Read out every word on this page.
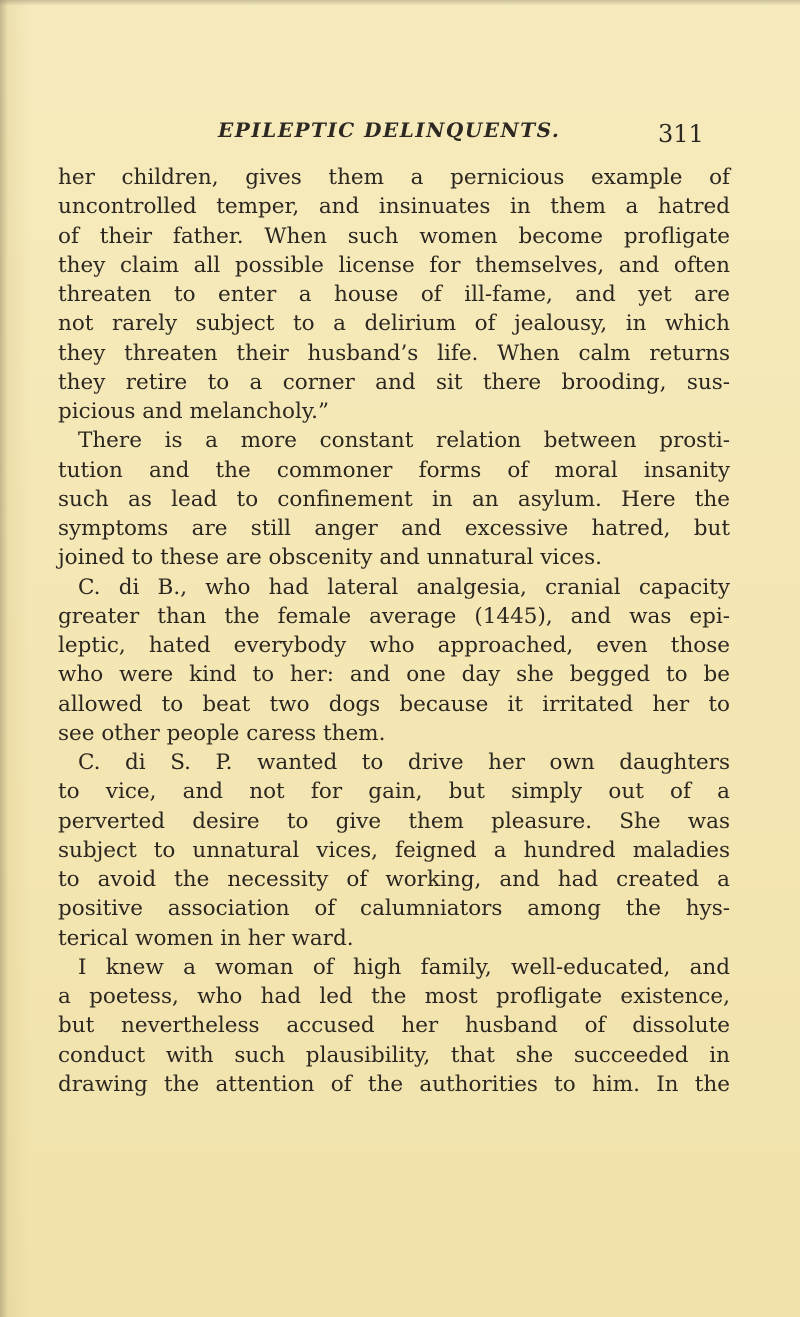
EPILEPTIC DELINQUENTS.	311
her children, gives them a pernicious example of
uncontrolled temper, and insinuates in them a hatred
of their father. When such women become profligate
they claim all possible license for themselves, and often
threaten to enter a house of ill-fame, and yet are
not rarely subject to a delirium of jealousy, in which
they threaten their husband’s life. When calm returns
they retire to a corner and sit there brooding, sus-
picious and melancholy.”
There is a more constant relation between prosti-
tution and the commoner forms of moral insanity
such as lead to confinement in an asylum. Here the
symptoms are still anger and excessive hatred, but
joined to these are obscenity and unnatural vices.
C. di B., who had lateral analgesia, cranial capacity
greater than the female average (1445), and was epi-
leptic, hated everybody who approached, even those
who were kind to her: and one day she begged to be
allowed to beat two dogs because it irritated her to
see other people caress them.
C. di S. P. wanted to drive her own daughters
to vice, and not for gain, but simply out of a
perverted desire to give them pleasure. She was
subject to unnatural vices, feigned a hundred maladies
to avoid the necessity of working, and had created a
positive association of calumniators among the hys-
terical women in her ward.
I knew a woman of high family, well-educated, and
a poetess, who had led the most profligate existence,
but nevertheless accused her husband of dissolute
conduct with such plausibility, that she succeeded in
drawing the attention of the authorities to him. In the
